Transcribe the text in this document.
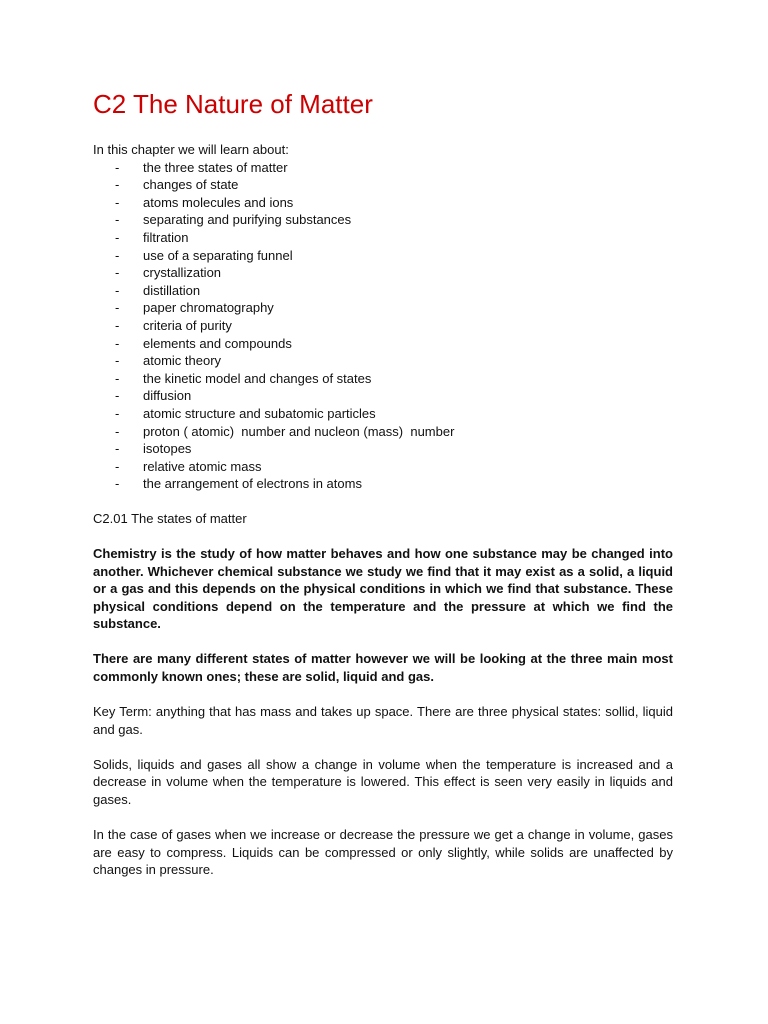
C2 The Nature of Matter

In this chapter we will learn about:

- the three states of matter
- changes of state
- atoms molecules and ions
- separating and purifying substances
- filtration
- use of a separating funnel
- crystallization
- distillation
- paper chromatography
- criteria of purity
- elements and compounds
- atomic theory
- the kinetic model and changes of states
- diffusion
- atomic structure and subatomic particles
- proton ( atomic)  number and nucleon (mass)  number
- isotopes
- relative atomic mass
- the arrangement of electrons in atoms

C2.01 The states of matter

Chemistry is the study of how matter behaves and how one substance may be changed into another. Whichever chemical substance we study we find that it may exist as a solid, a liquid or a gas and this depends on the physical conditions in which we find that substance. These physical conditions depend on the temperature and the pressure at which we find the substance.

There are many different states of matter however we will be looking at the three main most commonly known ones; these are solid, liquid and gas.

Key Term: anything that has mass and takes up space. There are three physical states: sollid, liquid and gas.

Solids, liquids and gases all show a change in volume when the temperature is increased and a decrease in volume when the temperature is lowered. This effect is seen very easily in liquids and gases.

In the case of gases when we increase or decrease the pressure we get a change in volume, gases are easy to compress. Liquids can be compressed or only slightly, while solids are unaffected by changes in pressure.
